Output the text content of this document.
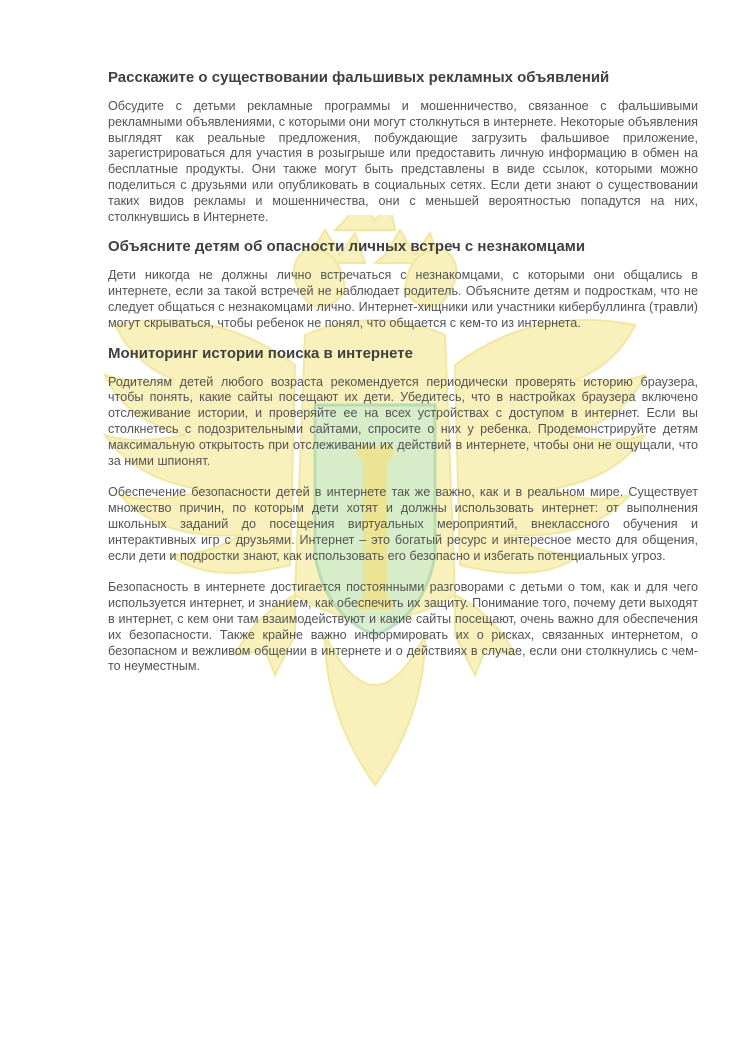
Расскажите о существовании фальшивых рекламных объявлений

Обсудите с детьми рекламные программы и мошенничество, связанное с фальшивыми рекламными объявлениями, с которыми они могут столкнуться в интернете. Некоторые объявления выглядят как реальные предложения, побуждающие загрузить фальшивое приложение, зарегистрироваться для участия в розыгрыше или предоставить личную информацию в обмен на бесплатные продукты. Они также могут быть представлены в виде ссылок, которыми можно поделиться с друзьями или опубликовать в социальных сетях. Если дети знают о существовании таких видов рекламы и мошенничества, они с меньшей вероятностью попадутся на них, столкнувшись в Интернете.

Объясните детям об опасности личных встреч с незнакомцами

Дети никогда не должны лично встречаться с незнакомцами, с которыми они общались в интернете, если за такой встречей не наблюдает родитель. Объясните детям и подросткам, что не следует общаться с незнакомцами лично. Интернет-хищники или участники кибербуллинга (травли) могут скрываться, чтобы ребенок не понял, что общается с кем-то из интернета.

Мониторинг истории поиска в интернете

Родителям детей любого возраста рекомендуется периодически проверять историю браузера, чтобы понять, какие сайты посещают их дети. Убедитесь, что в настройках браузера включено отслеживание истории, и проверяйте ее на всех устройствах с доступом в интернет. Если вы столкнетесь с подозрительными сайтами, спросите о них у ребенка. Продемонстрируйте детям максимальную открытость при отслеживании их действий в интернете, чтобы они не ощущали, что за ними шпионят.

Обеспечение безопасности детей в интернете так же важно, как и в реальном мире. Существует множество причин, по которым дети хотят и должны использовать интернет: от выполнения школьных заданий до посещения виртуальных мероприятий, внеклассного обучения и интерактивных игр с друзьями. Интернет – это богатый ресурс и интересное место для общения, если дети и подростки знают, как использовать его безопасно и избегать потенциальных угроз.

Безопасность в интернете достигается постоянными разговорами с детьми о том, как и для чего используется интернет, и знанием, как обеспечить их защиту. Понимание того, почему дети выходят в интернет, с кем они там взаимодействуют и какие сайты посещают, очень важно для обеспечения их безопасности. Также крайне важно информировать их о рисках, связанных интернетом, о безопасном и вежливом общении в интернете и о действиях в случае, если они столкнулись с чем-то неуместным.
